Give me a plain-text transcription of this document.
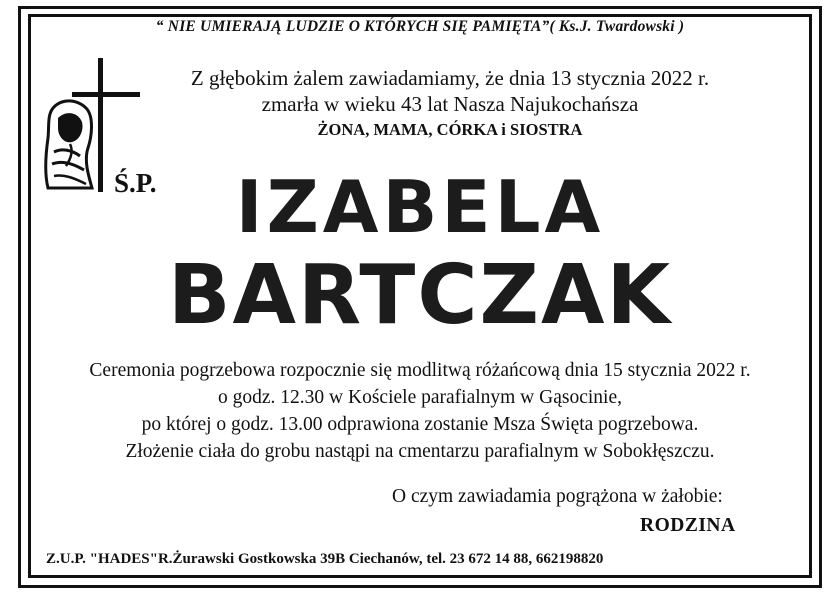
“ NIE UMIERAJĄ LUDZIE O KTÓRYCH SIĘ PAMIĘTA”( Ks.J. Twardowski )
Ś.P.
Z głębokim żalem zawiadamiamy, że dnia 13 stycznia 2022 r.
zmarła w wieku 43 lat Nasza Najukochańsza
ŻONA, MAMA, CÓRKA i SIOSTRA
IZABELA
BARTCZAK
Ceremonia pogrzebowa rozpocznie się modlitwą różańcową dnia 15 stycznia 2022 r.
o godz. 12.30 w Kościele parafialnym w Gąsocinie,
po której o godz. 13.00 odprawiona zostanie Msza Święta pogrzebowa.
Złożenie ciała do grobu nastąpi na cmentarzu parafialnym w Sobokłęszczu.
O czym zawiadamia pogrążona w żałobie:
RODZINA
Z.U.P. "HADES"R.Żurawski Gostkowska 39B Ciechanów, tel. 23 672 14 88, 662198820
